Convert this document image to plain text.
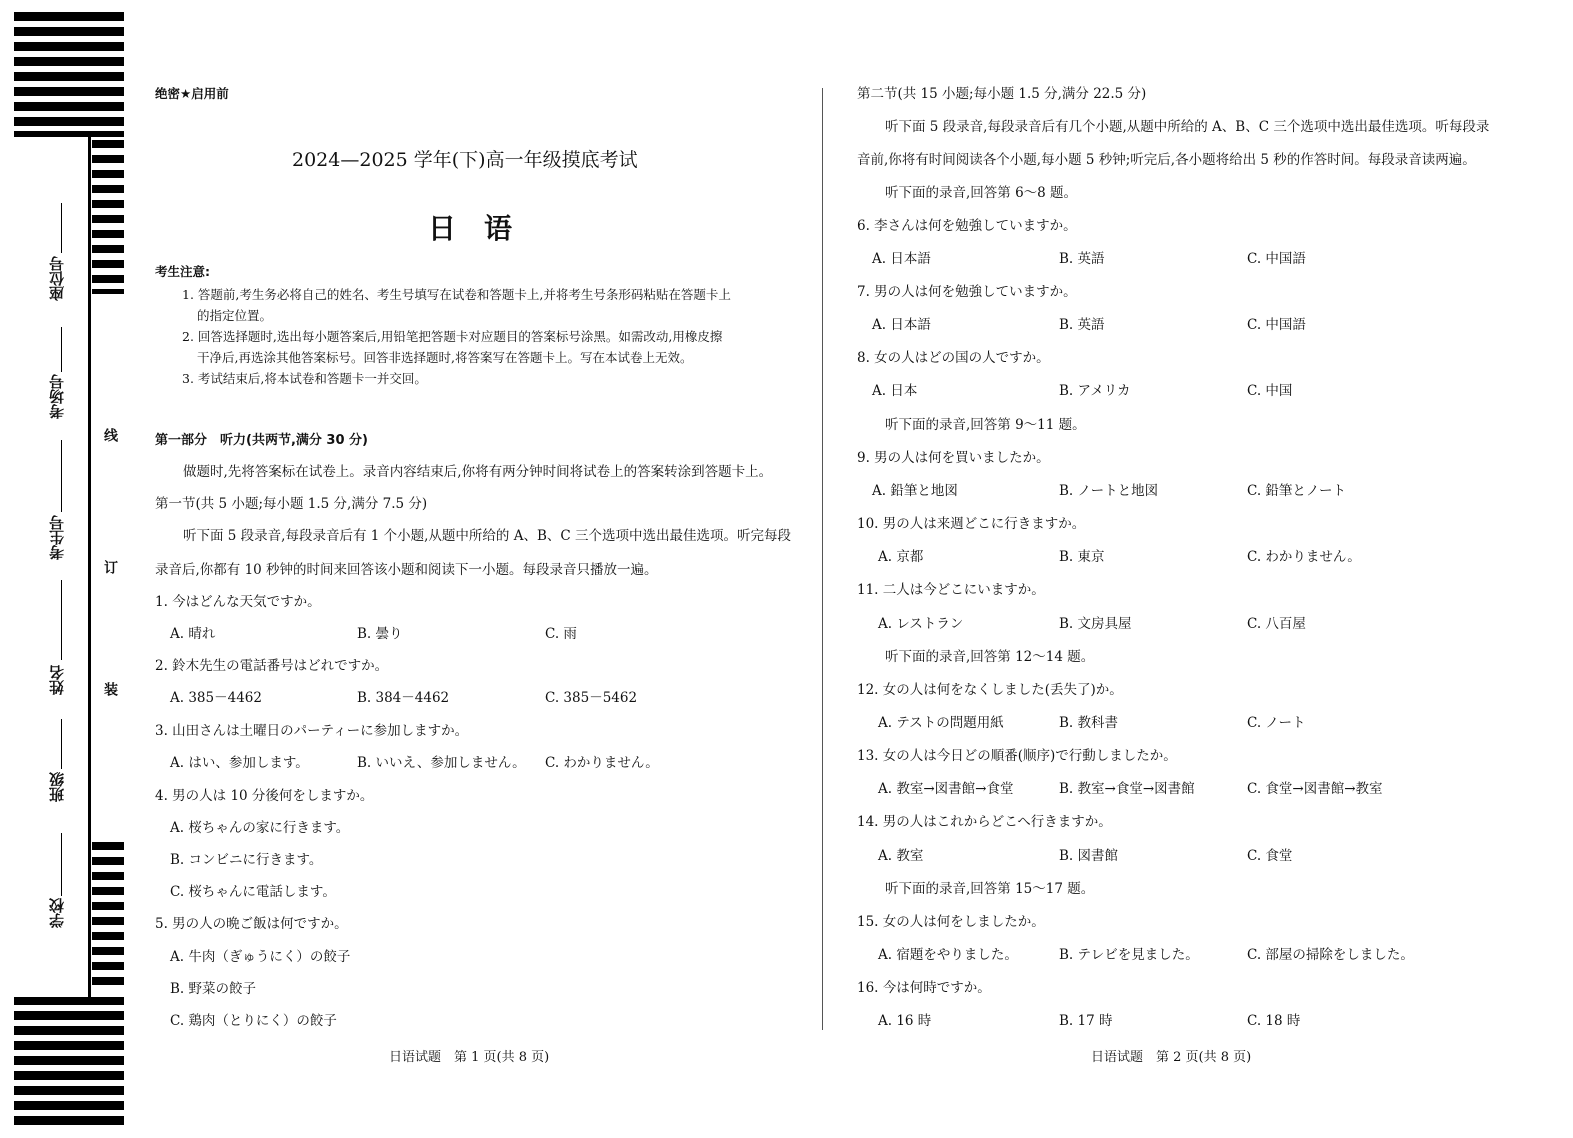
座位号
考场号
考生号
姓名
班级
学校
线
订
装
绝密★启用前
2024—2025 学年(下)高一年级摸底考试
日　语
考生注意:
1. 答题前,考生务必将自己的姓名、考生号填写在试卷和答题卡上,并将考生号条形码粘贴在答题卡上
的指定位置。
2. 回答选择题时,选出每小题答案后,用铅笔把答题卡对应题目的答案标号涂黑。如需改动,用橡皮擦
干净后,再选涂其他答案标号。回答非选择题时,将答案写在答题卡上。写在本试卷上无效。
3. 考试结束后,将本试卷和答题卡一并交回。
第一部分　听力(共两节,满分 30 分)
做题时,先将答案标在试卷上。录音内容结束后,你将有两分钟时间将试卷上的答案转涂到答题卡上。
第一节(共 5 小题;每小题 1.5 分,满分 7.5 分)
听下面 5 段录音,每段录音后有 1 个小题,从题中所给的 A、B、C 三个选项中选出最佳选项。听完每段
录音后,你都有 10 秒钟的时间来回答该小题和阅读下一小题。每段录音只播放一遍。
1. 今はどんな天気ですか。
A. 晴れ	B. 曇り	C. 雨
2. 鈴木先生の電話番号はどれですか。
A. 385－4462	B. 384－4462	C. 385－5462
3. 山田さんは土曜日のパーティーに参加しますか。
A. はい、参加します。	B. いいえ、参加しません。 C. わかりません。
4. 男の人は 10 分後何をしますか。
A. 桜ちゃんの家に行きます。
B. コンビニに行きます。
C. 桜ちゃんに電話します。
5. 男の人の晩ご飯は何ですか。
A. 牛肉（ぎゅうにく）の餃子
B. 野菜の餃子
C. 鶏肉（とりにく）の餃子
日语试题　第 1 页(共 8 页)
第二节(共 15 小题;每小题 1.5 分,满分 22.5 分)
听下面 5 段录音,每段录音后有几个小题,从题中所给的 A、B、C 三个选项中选出最佳选项。听每段录
音前,你将有时间阅读各个小题,每小题 5 秒钟;听完后,各小题将给出 5 秒的作答时间。每段录音读两遍。
听下面的录音,回答第 6～8 题。
6. 李さんは何を勉強していますか。
A. 日本語	B. 英語	C. 中国語
7. 男の人は何を勉強していますか。
A. 日本語	B. 英語	C. 中国語
8. 女の人はどの国の人ですか。
A. 日本	B. アメリカ	C. 中国
听下面的录音,回答第 9～11 题。
9. 男の人は何を買いましたか。
A. 鉛筆と地図	B. ノートと地図	C. 鉛筆とノート
10. 男の人は来週どこに行きますか。
A. 京都	B. 東京	C. わかりません。
11. 二人は今どこにいますか。
A. レストラン	B. 文房具屋	C. 八百屋
听下面的录音,回答第 12～14 题。
12. 女の人は何をなくしました(丢失了)か。
A. テストの問題用紙	B. 教科書	C. ノート
13. 女の人は今日どの順番(顺序)で行動しましたか。
A. 教室→図書館→食堂	B. 教室→食堂→図書館	C. 食堂→図書館→教室
14. 男の人はこれからどこへ行きますか。
A. 教室	B. 図書館	C. 食堂
听下面的录音,回答第 15～17 题。
15. 女の人は何をしましたか。
A. 宿題をやりました。	B. テレビを見ました。	C. 部屋の掃除をしました。
16. 今は何時ですか。
A. 16 時	B. 17 時	C. 18 時
日语试题　第 2 页(共 8 页)
